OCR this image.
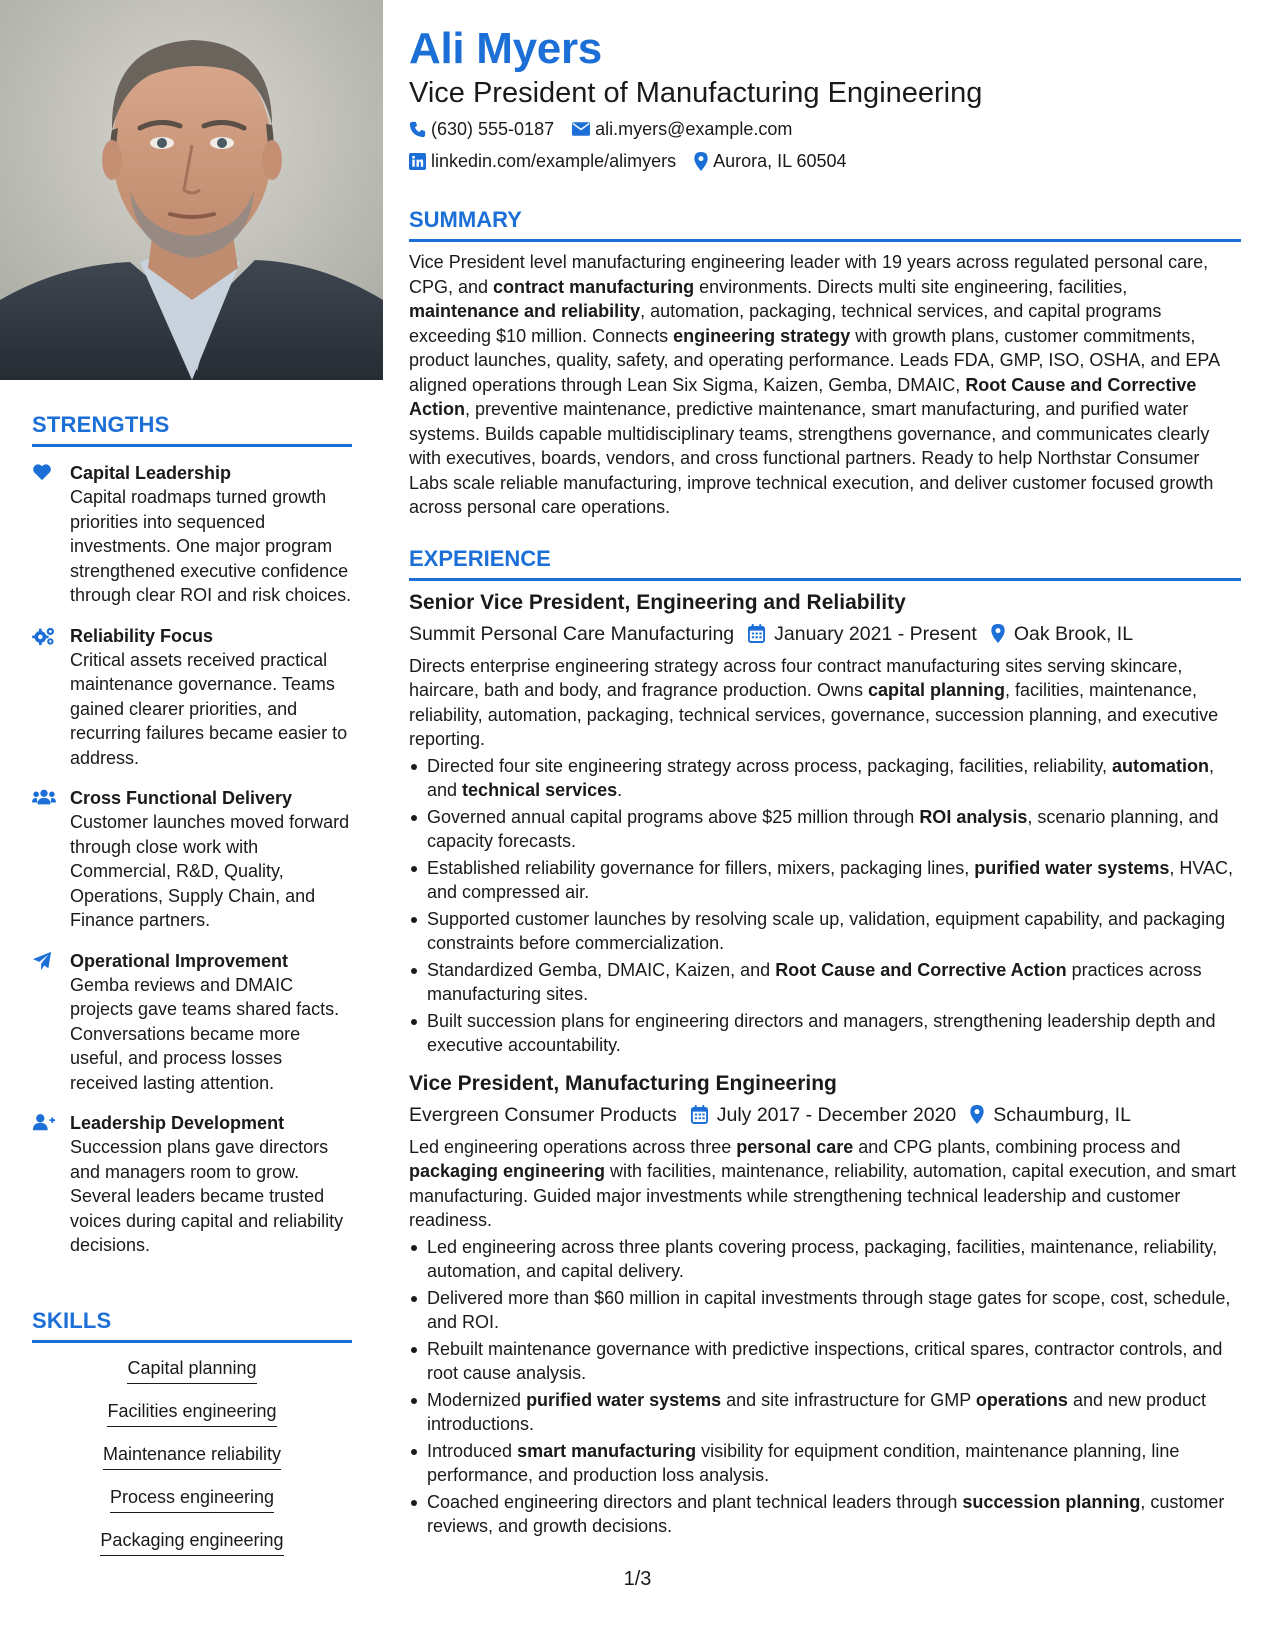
STRENGTHS
Capital Leadership
Capital roadmaps turned growth priorities into sequenced investments. One major program strengthened executive confidence through clear ROI and risk choices.
Reliability Focus
Critical assets received practical maintenance governance. Teams gained clearer priorities, and recurring failures became easier to address.
Cross Functional Delivery
Customer launches moved forward through close work with Commercial, R&D, Quality, Operations, Supply Chain, and Finance partners.
Operational Improvement
Gemba reviews and DMAIC projects gave teams shared facts. Conversations became more useful, and process losses received lasting attention.
Leadership Development
Succession plans gave directors and managers room to grow. Several leaders became trusted voices during capital and reliability decisions.
SKILLS
Capital planning
Facilities engineering
Maintenance reliability
Process engineering
Packaging engineering
Ali Myers
Vice President of Manufacturing Engineering
(630) 555-0187 ali.myers@example.com
linkedin.com/example/alimyers Aurora, IL 60504
SUMMARY

Vice President level manufacturing engineering leader with 19 years across regulated personal care, CPG, and contract manufacturing environments. Directs multi site engineering, facilities, maintenance and reliability, automation, packaging, technical services, and capital programs exceeding $10 million. Connects engineering strategy with growth plans, customer commitments, product launches, quality, safety, and operating performance. Leads FDA, GMP, ISO, OSHA, and EPA aligned operations through Lean Six Sigma, Kaizen, Gemba, DMAIC, Root Cause and Corrective Action, preventive maintenance, predictive maintenance, smart manufacturing, and purified water systems. Builds capable multidisciplinary teams, strengthens governance, and communicates clearly with executives, boards, vendors, and cross functional partners. Ready to help Northstar Consumer Labs scale reliable manufacturing, improve technical execution, and deliver customer focused growth across personal care operations.

EXPERIENCE
Senior Vice President, Engineering and Reliability
Summit Personal Care Manufacturing January 2021 - Present Oak Brook, IL

Directs enterprise engineering strategy across four contract manufacturing sites serving skincare, haircare, bath and body, and fragrance production. Owns capital planning, facilities, maintenance, reliability, automation, packaging, technical services, governance, succession planning, and executive reporting.

Directed four site engineering strategy across process, packaging, facilities, reliability, automation, and technical services.
Governed annual capital programs above $25 million through ROI analysis, scenario planning, and capacity forecasts.
Established reliability governance for fillers, mixers, packaging lines, purified water systems, HVAC, and compressed air.
Supported customer launches by resolving scale up, validation, equipment capability, and packaging constraints before commercialization.
Standardized Gemba, DMAIC, Kaizen, and Root Cause and Corrective Action practices across manufacturing sites.
Built succession plans for engineering directors and managers, strengthening leadership depth and executive accountability.
Vice President, Manufacturing Engineering
Evergreen Consumer Products July 2017 - December 2020 Schaumburg, IL

Led engineering operations across three personal care and CPG plants, combining process and packaging engineering with facilities, maintenance, reliability, automation, capital execution, and smart manufacturing. Guided major investments while strengthening technical leadership and customer readiness.

Led engineering across three plants covering process, packaging, facilities, maintenance, reliability, automation, and capital delivery.
Delivered more than $60 million in capital investments through stage gates for scope, cost, schedule, and ROI.
Rebuilt maintenance governance with predictive inspections, critical spares, contractor controls, and root cause analysis.
Modernized purified water systems and site infrastructure for GMP operations and new product introductions.
Introduced smart manufacturing visibility for equipment condition, maintenance planning, line performance, and production loss analysis.
Coached engineering directors and plant technical leaders through succession planning, customer reviews, and growth decisions.
1/3
